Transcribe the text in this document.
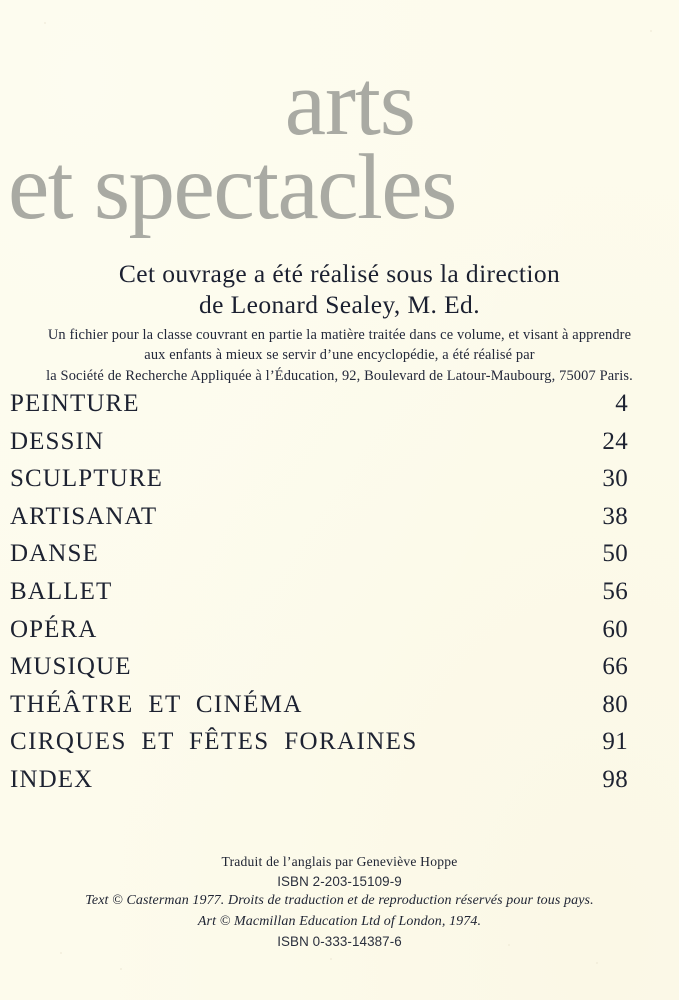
arts
et spectacles
Cet ouvrage a été réalisé sous la direction
de Leonard Sealey, M. Ed.
Un fichier pour la classe couvrant en partie la matière traitée dans ce volume, et visant à apprendre
aux enfants à mieux se servir d’une encyclopédie, a été réalisé par
la Société de Recherche Appliquée à l’Éducation, 92, Boulevard de Latour-Maubourg, 75007 Paris.
PEINTURE	4
DESSIN	24
SCULPTURE	30
ARTISANAT	38
DANSE	50
BALLET	56
OPÉRA	60
MUSIQUE	66
THÉÂTRE ET CINÉMA	80
CIRQUES ET FÊTES FORAINES	91
INDEX	98
Traduit de l’anglais par Geneviève Hoppe
ISBN 2-203-15109-9
Text © Casterman 1977. Droits de traduction et de reproduction réservés pour tous pays.
Art © Macmillan Education Ltd of London, 1974.
ISBN 0-333-14387-6
